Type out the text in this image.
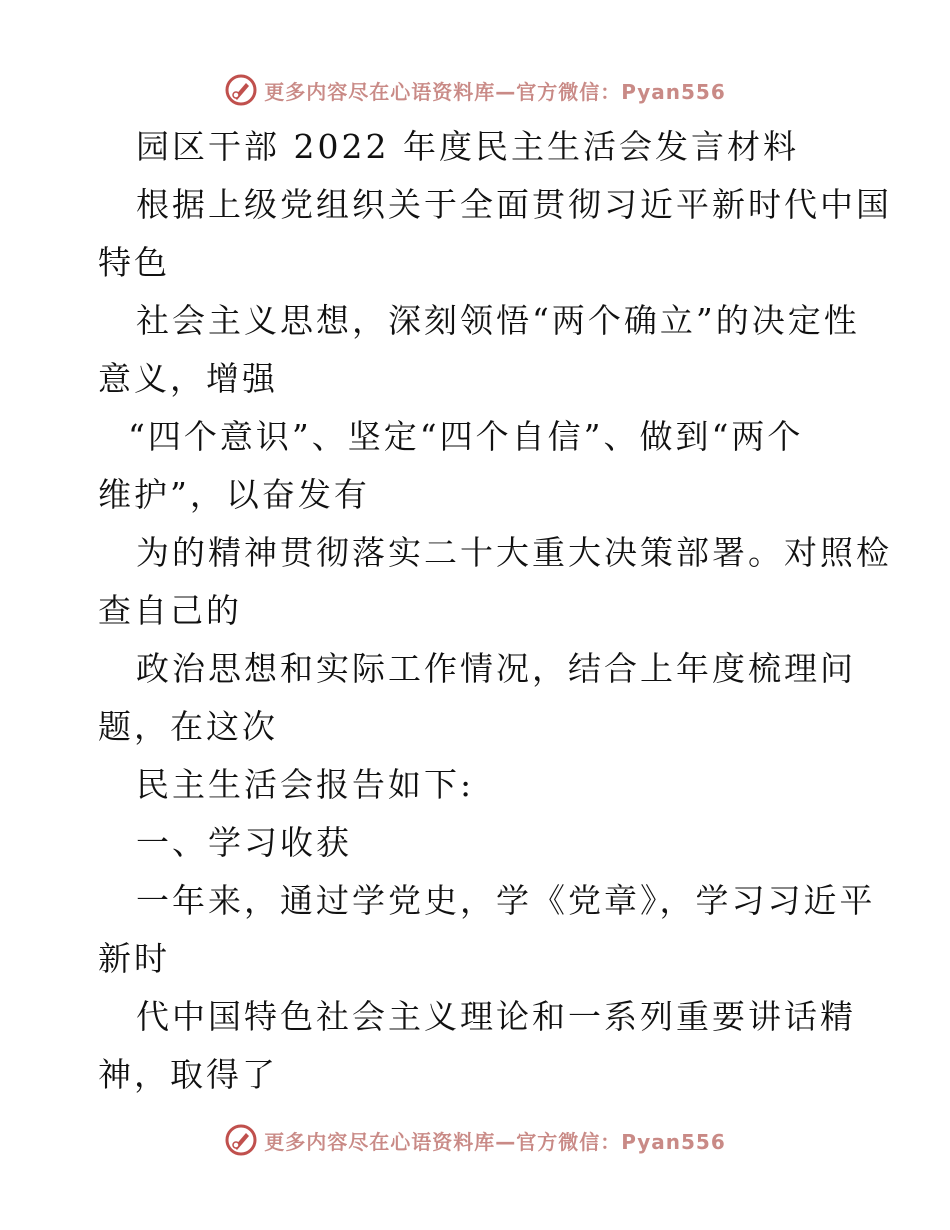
更多内容尽在心语资料库—官方微信：Pyan556
园区干部 2022 年度民主生活会发言材料
根据上级党组织关于全面贯彻习近平新时代中国
特色
社会主义思想，深刻领悟“两个确立”的决定性
意义，增强
“四个意识”、坚定“四个自信”、做到“两个
维护”，以奋发有
为的精神贯彻落实二十大重大决策部署。对照检
查自己的
政治思想和实际工作情况，结合上年度梳理问
题，在这次
民主生活会报告如下:
一、学习收获
一年来，通过学党史，学《党章》，学习习近平
新时
代中国特色社会主义理论和一系列重要讲话精
神，取得了
更多内容尽在心语资料库—官方微信：Pyan556
